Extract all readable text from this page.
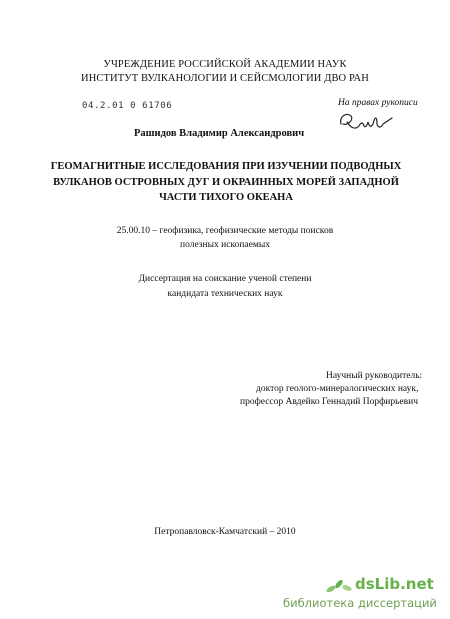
УЧРЕЖДЕНИЕ РОССИЙСКОЙ АКАДЕМИИ НАУК
ИНСТИТУТ ВУЛКАНОЛОГИИ И СЕЙСМОЛОГИИ ДВО РАН
04.2.01 0 61706	На правах рукописи
Рашидов Владимир Александрович
ГЕОМАГНИТНЫЕ ИССЛЕДОВАНИЯ ПРИ ИЗУЧЕНИИ ПОДВОДНЫХ
ВУЛКАНОВ ОСТРОВНЫХ ДУГ И ОКРАИННЫХ МОРЕЙ ЗАПАДНОЙ
ЧАСТИ ТИХОГО ОКЕАНА
25.00.10 – геофизика, геофизические методы поисков
полезных ископаемых
Диссертация на соискание ученой степени
кандидата технических наук
Научный руководитель:
доктор геолого-минералогических наук,
профессор Авдейко Геннадий Порфирьевич
Петропавловск-Камчатский – 2010
dsLib.net
библиотека диссертаций
